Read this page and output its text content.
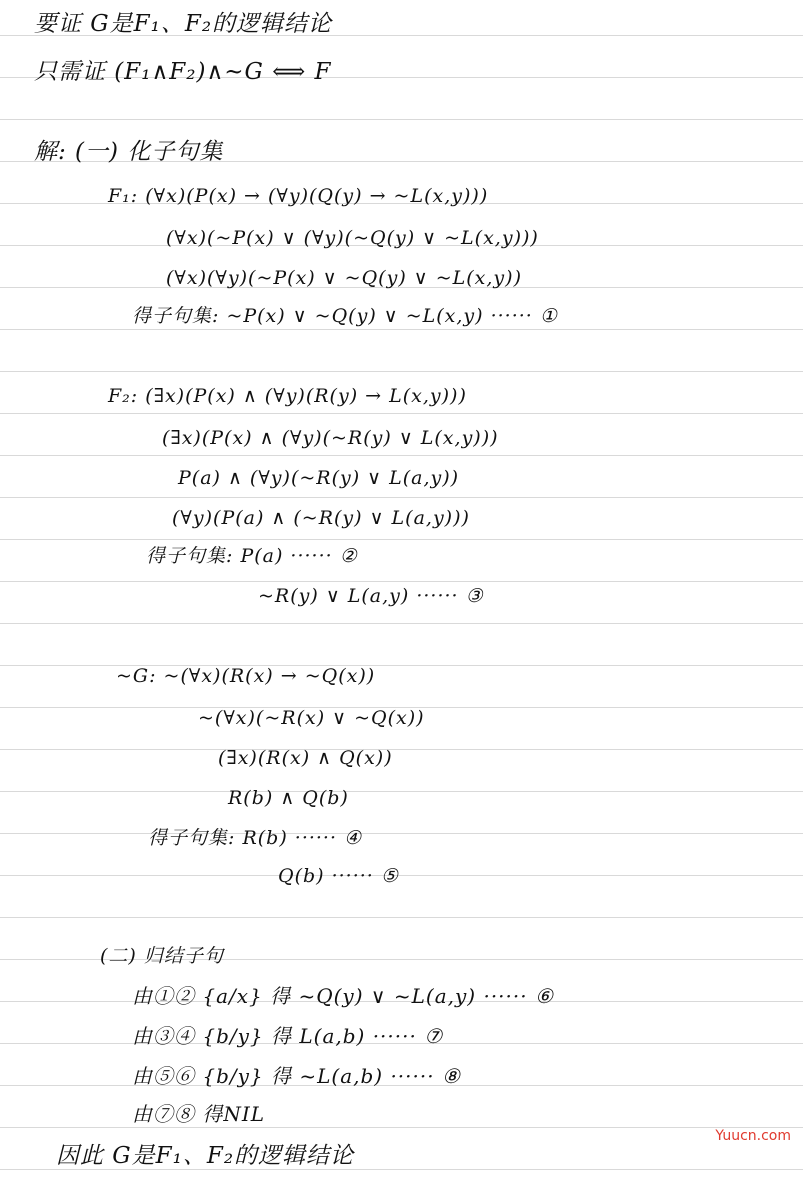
要证 G是F₁、F₂的逻辑结论
只需证 (F₁∧F₂)∧~G ⟺ F
解: (一) 化子句集
F₁: (∀x)(P(x) → (∀y)(Q(y) → ~L(x,y)))
(∀x)(~P(x) ∨ (∀y)(~Q(y) ∨ ~L(x,y)))
(∀x)(∀y)(~P(x) ∨ ~Q(y) ∨ ~L(x,y))
得子句集: ~P(x) ∨ ~Q(y) ∨ ~L(x,y) ······ ①
F₂: (∃x)(P(x) ∧ (∀y)(R(y) → L(x,y)))
(∃x)(P(x) ∧ (∀y)(~R(y) ∨ L(x,y)))
P(a) ∧ (∀y)(~R(y) ∨ L(a,y))
(∀y)(P(a) ∧ (~R(y) ∨ L(a,y)))
得子句集: P(a) ······ ②
~R(y) ∨ L(a,y) ······ ③
~G: ~(∀x)(R(x) → ~Q(x))
~(∀x)(~R(x) ∨ ~Q(x))
(∃x)(R(x) ∧ Q(x))
R(b) ∧ Q(b)
得子句集: R(b) ······ ④
Q(b) ······ ⑤
(二) 归结子句
由①② {a/x} 得 ~Q(y) ∨ ~L(a,y) ······ ⑥
由③④ {b/y} 得 L(a,b) ······ ⑦
由⑤⑥ {b/y} 得 ~L(a,b) ······ ⑧
由⑦⑧ 得NIL
因此 G是F₁、F₂的逻辑结论
Yuucn.com
